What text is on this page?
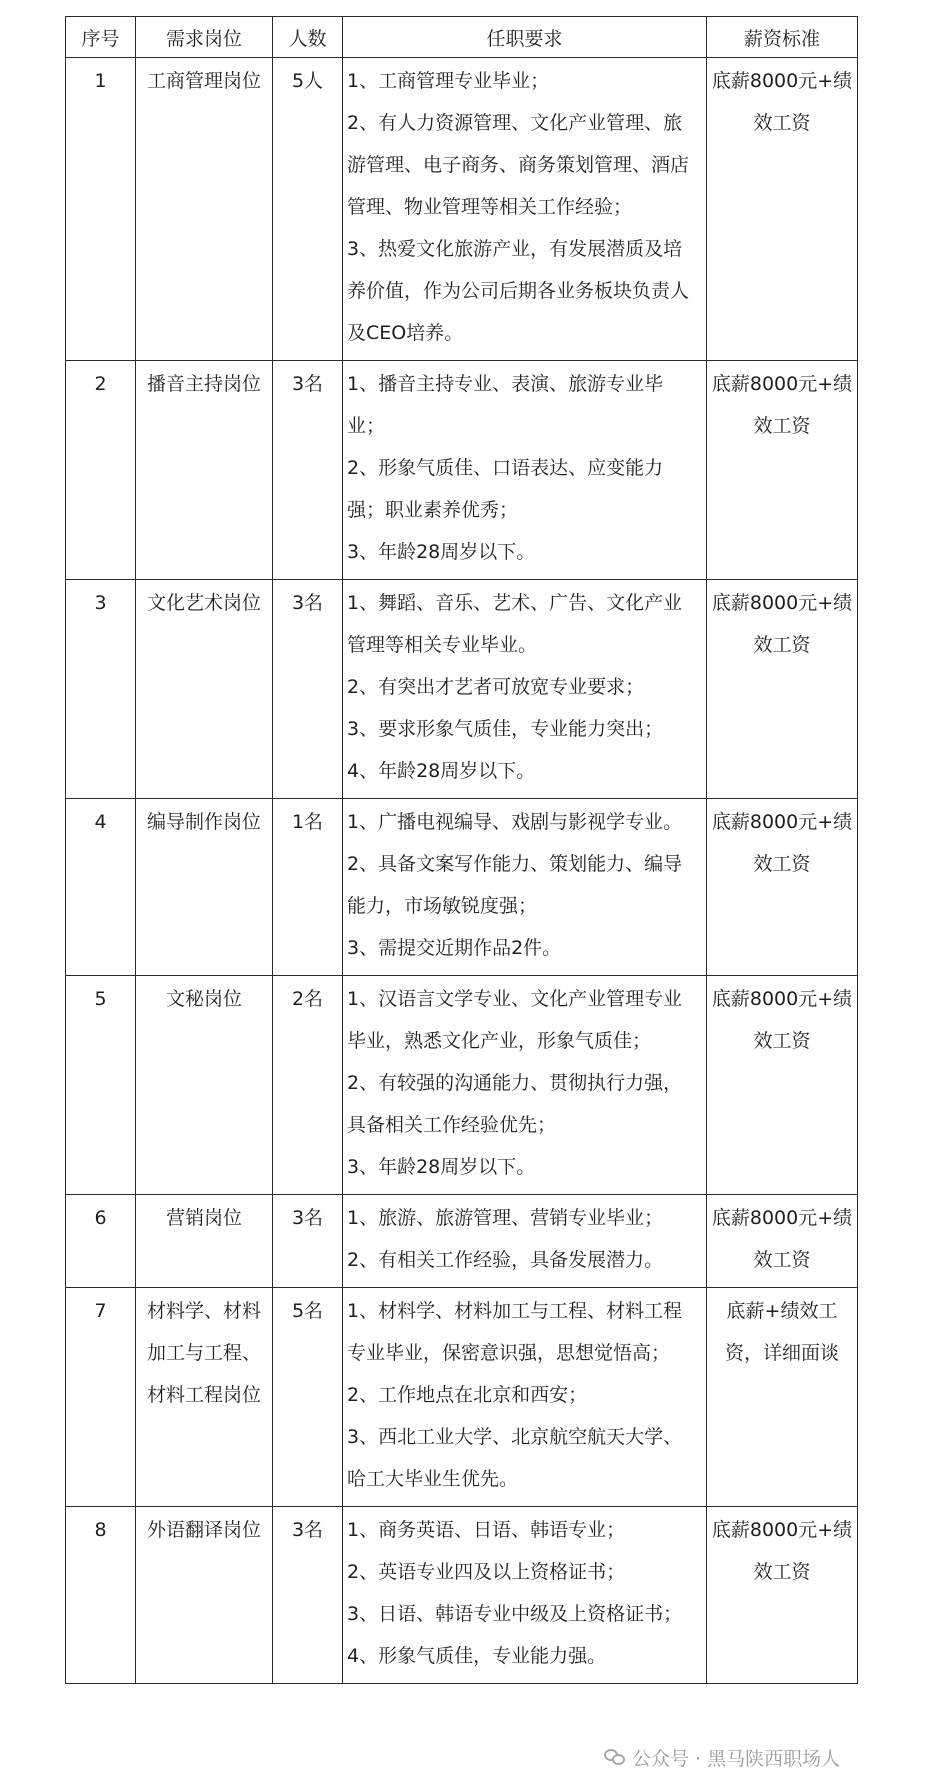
序号	需求岗位	人数	任职要求	薪资标准

1	工商管理岗位	5人	1、工商管理专业毕业；
2、有人力资源管理、文化产业管理、旅游管理、电子商务、商务策划管理、酒店管理、物业管理等相关工作经验；
3、热爱文化旅游产业，有发展潜质及培养价值，作为公司后期各业务板块负责人及CEO培养。	底薪8000元+绩效工资

2	播音主持岗位	3名	1、播音主持专业、表演、旅游专业毕业；
2、形象气质佳、口语表达、应变能力强；职业素养优秀；
3、年龄28周岁以下。	底薪8000元+绩效工资

3	文化艺术岗位	3名	1、舞蹈、音乐、艺术、广告、文化产业管理等相关专业毕业。
2、有突出才艺者可放宽专业要求；
3、要求形象气质佳，专业能力突出；
4、年龄28周岁以下。	底薪8000元+绩效工资

4	编导制作岗位	1名	1、广播电视编导、戏剧与影视学专业。
2、具备文案写作能力、策划能力、编导能力，市场敏锐度强；
3、需提交近期作品2件。	底薪8000元+绩效工资

5	文秘岗位	2名	1、汉语言文学专业、文化产业管理专业毕业，熟悉文化产业，形象气质佳；
2、有较强的沟通能力、贯彻执行力强，具备相关工作经验优先；
3、年龄28周岁以下。	底薪8000元+绩效工资

6	营销岗位	3名	1、旅游、旅游管理、营销专业毕业；
2、有相关工作经验，具备发展潜力。	底薪8000元+绩效工资

7	材料学、材料加工与工程、材料工程岗位	5名	1、材料学、材料加工与工程、材料工程专业毕业，保密意识强，思想觉悟高；
2、工作地点在北京和西安；
3、西北工业大学、北京航空航天大学、哈工大毕业生优先。	底薪+绩效工资，详细面谈

8	外语翻译岗位	3名	1、商务英语、日语、韩语专业；
2、英语专业四及以上资格证书；
3、日语、韩语专业中级及上资格证书；
4、形象气质佳，专业能力强。	底薪8000元+绩效工资
公众号 · 黑马陕西职场人
